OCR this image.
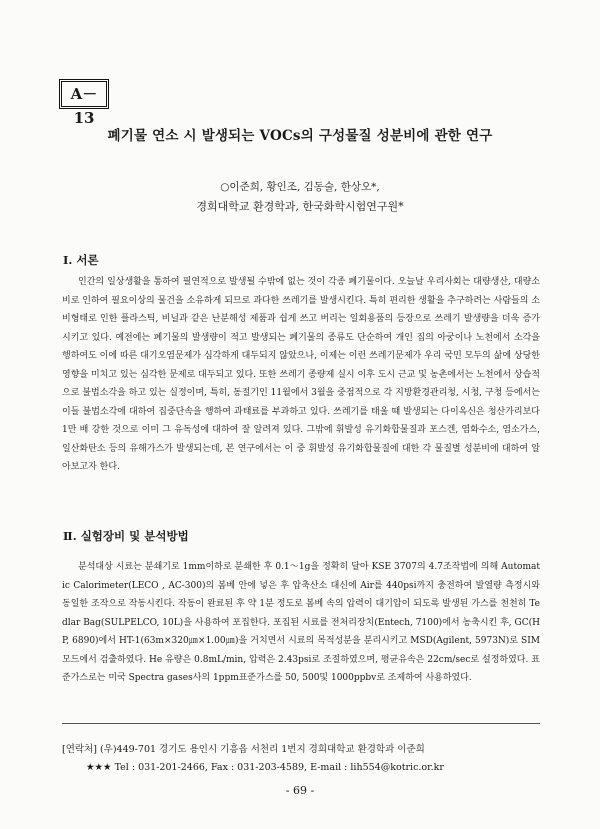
A－13
폐기물 연소 시 발생되는 VOCs의 구성물질 성분비에 관한 연구
○이준희, 황인조, 김동술, 한상오*,
경희대학교 환경학과, 한국화학시험연구원*
Ⅰ. 서론

인간의 일상생활을 통하여 필연적으로 발생될 수밖에 없는 것이 각종 폐기물이다. 오늘날 우리사회는 대량생산, 대량소비로 인하여 필요이상의 물건을 소유하게 되므로 과다한 쓰레기를 발생시킨다. 특히 편리한 생활을 추구하려는 사람들의 소비형태로 인한 플라스틱, 비닐과 같은 난분해성 제품과 쉽게 쓰고 버리는 일회용품의 등장으로 쓰레기 발생량을 더욱 증가시키고 있다. 예전에는 폐기물의 발생량이 적고 발생되는 폐기물의 종류도 단순하여 개인 집의 아궁이나 노천에서 소각을 행하여도 이에 따른 대기오염문제가 심각하게 대두되지 않았으나, 이제는 이런 쓰레기문제가 우리 국민 모두의 삶에 상당한 영향을 미치고 있는 심각한 문제로 대두되고 있다. 또한 쓰레기 종량제 실시 이후 도시 근교 및 농촌에서는 노천에서 상습적으로 불법소각을 하고 있는 실정이며, 특히, 동절기인 11월에서 3월을 중점적으로 각 지방환경관리청, 시청, 구청 등에서는 이들 불법소각에 대하여 집중단속을 행하여 과태료를 부과하고 있다. 쓰레기를 태울 때 발생되는 다이옥신은 청산가리보다 1만 배 강한 것으로 이미 그 유독성에 대하여 잘 알려져 있다. 그밖에 휘발성 유기화합물질과 포스겐, 염화수소, 염소가스, 일산화탄소 등의 유해가스가 발생되는데, 본 연구에서는 이 중 휘발성 유기화합물질에 대한 각 물질별 성분비에 대하여 알아보고자 한다.

Ⅱ. 실험장비 및 분석방법

분석대상 시료는 분쇄기로 1mm이하로 분쇄한 후 0.1～1g을 정확히 달아 KSE 3707의 4.7조작법에 의해 Automatic Calorimeter(LECO , AC-300)의 봄베 안에 넣은 후 압축산소 대신에 Air를 440psi까지 충전하여 발열량 측정시와 동일한 조작으로 작동시킨다. 작동이 완료된 후 약 1분 정도로 봄베 속의 압력이 대기압이 되도록 발생된 가스를 천천히 Tedlar Bag(SULPELCO, 10L)을 사용하여 포집한다. 포집된 시료를 전처리장치(Entech, 7100)에서 농축시킨 후, GC(HP, 6890)에서 HT-1(63m×320㎛×1.00㎛)을 거치면서 시료의 목적성분을 분리시키고 MSD(Agilent, 5973N)로 SIM모드에서 검출하였다. He 유량은 0.8mL/min, 압력은 2.43psi로 조절하였으며, 평균유속은 22cm/sec로 설정하였다. 표준가스로는 미국 Spectra gases사의 1ppm표준가스를 50, 500및 1000ppbv로 조제하여 사용하였다.

[연락처] (우)449-701 경기도 용인시 기흥읍 서천리 1번지 경희대학교 환경학과 이준희
★★★ Tel : 031-201-2466, Fax : 031-203-4589, E-mail : lih554@kotric.or.kr
- 69 -
